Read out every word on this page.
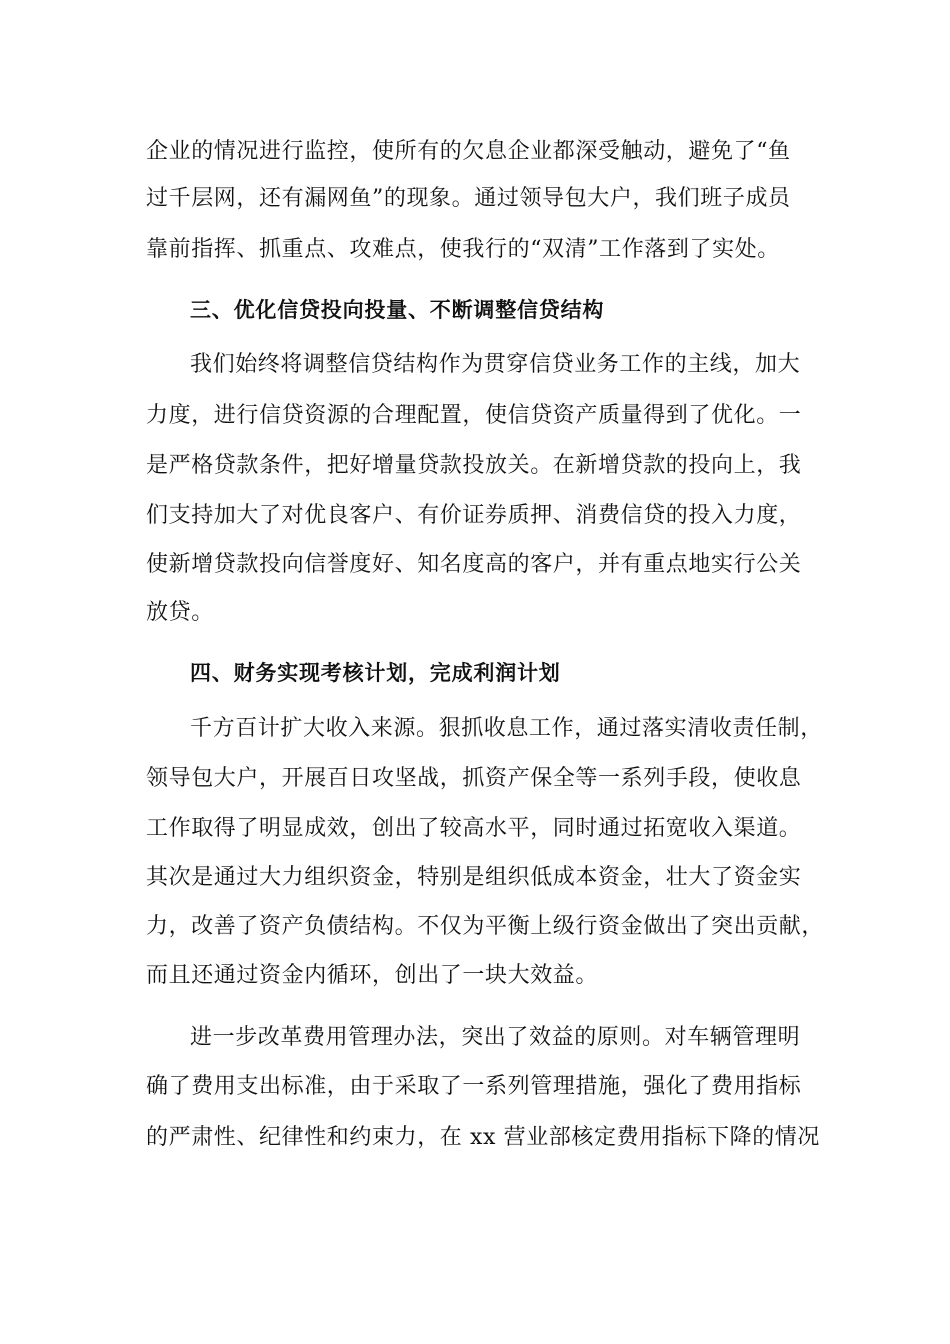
企业的情况进行监控，使所有的欠息企业都深受触动，避免了“鱼
过千层网，还有漏网鱼”的现象。通过领导包大户，我们班子成员
靠前指挥、抓重点、攻难点，使我行的“双清”工作落到了实处。
三、优化信贷投向投量、不断调整信贷结构
我们始终将调整信贷结构作为贯穿信贷业务工作的主线，加大
力度，进行信贷资源的合理配置，使信贷资产质量得到了优化。一
是严格贷款条件，把好增量贷款投放关。在新增贷款的投向上，我
们支持加大了对优良客户、有价证券质押、消费信贷的投入力度，
使新增贷款投向信誉度好、知名度高的客户，并有重点地实行公关
放贷。
四、财务实现考核计划，完成利润计划
千方百计扩大收入来源。狠抓收息工作，通过落实清收责任制，
领导包大户，开展百日攻坚战，抓资产保全等一系列手段，使收息
工作取得了明显成效，创出了较高水平，同时通过拓宽收入渠道。
其次是通过大力组织资金，特别是组织低成本资金，壮大了资金实
力，改善了资产负债结构。不仅为平衡上级行资金做出了突出贡献，
而且还通过资金内循环，创出了一块大效益。
进一步改革费用管理办法，突出了效益的原则。对车辆管理明
确了费用支出标准，由于采取了一系列管理措施，强化了费用指标
的严肃性、纪律性和约束力，在 xx 营业部核定费用指标下降的情况
